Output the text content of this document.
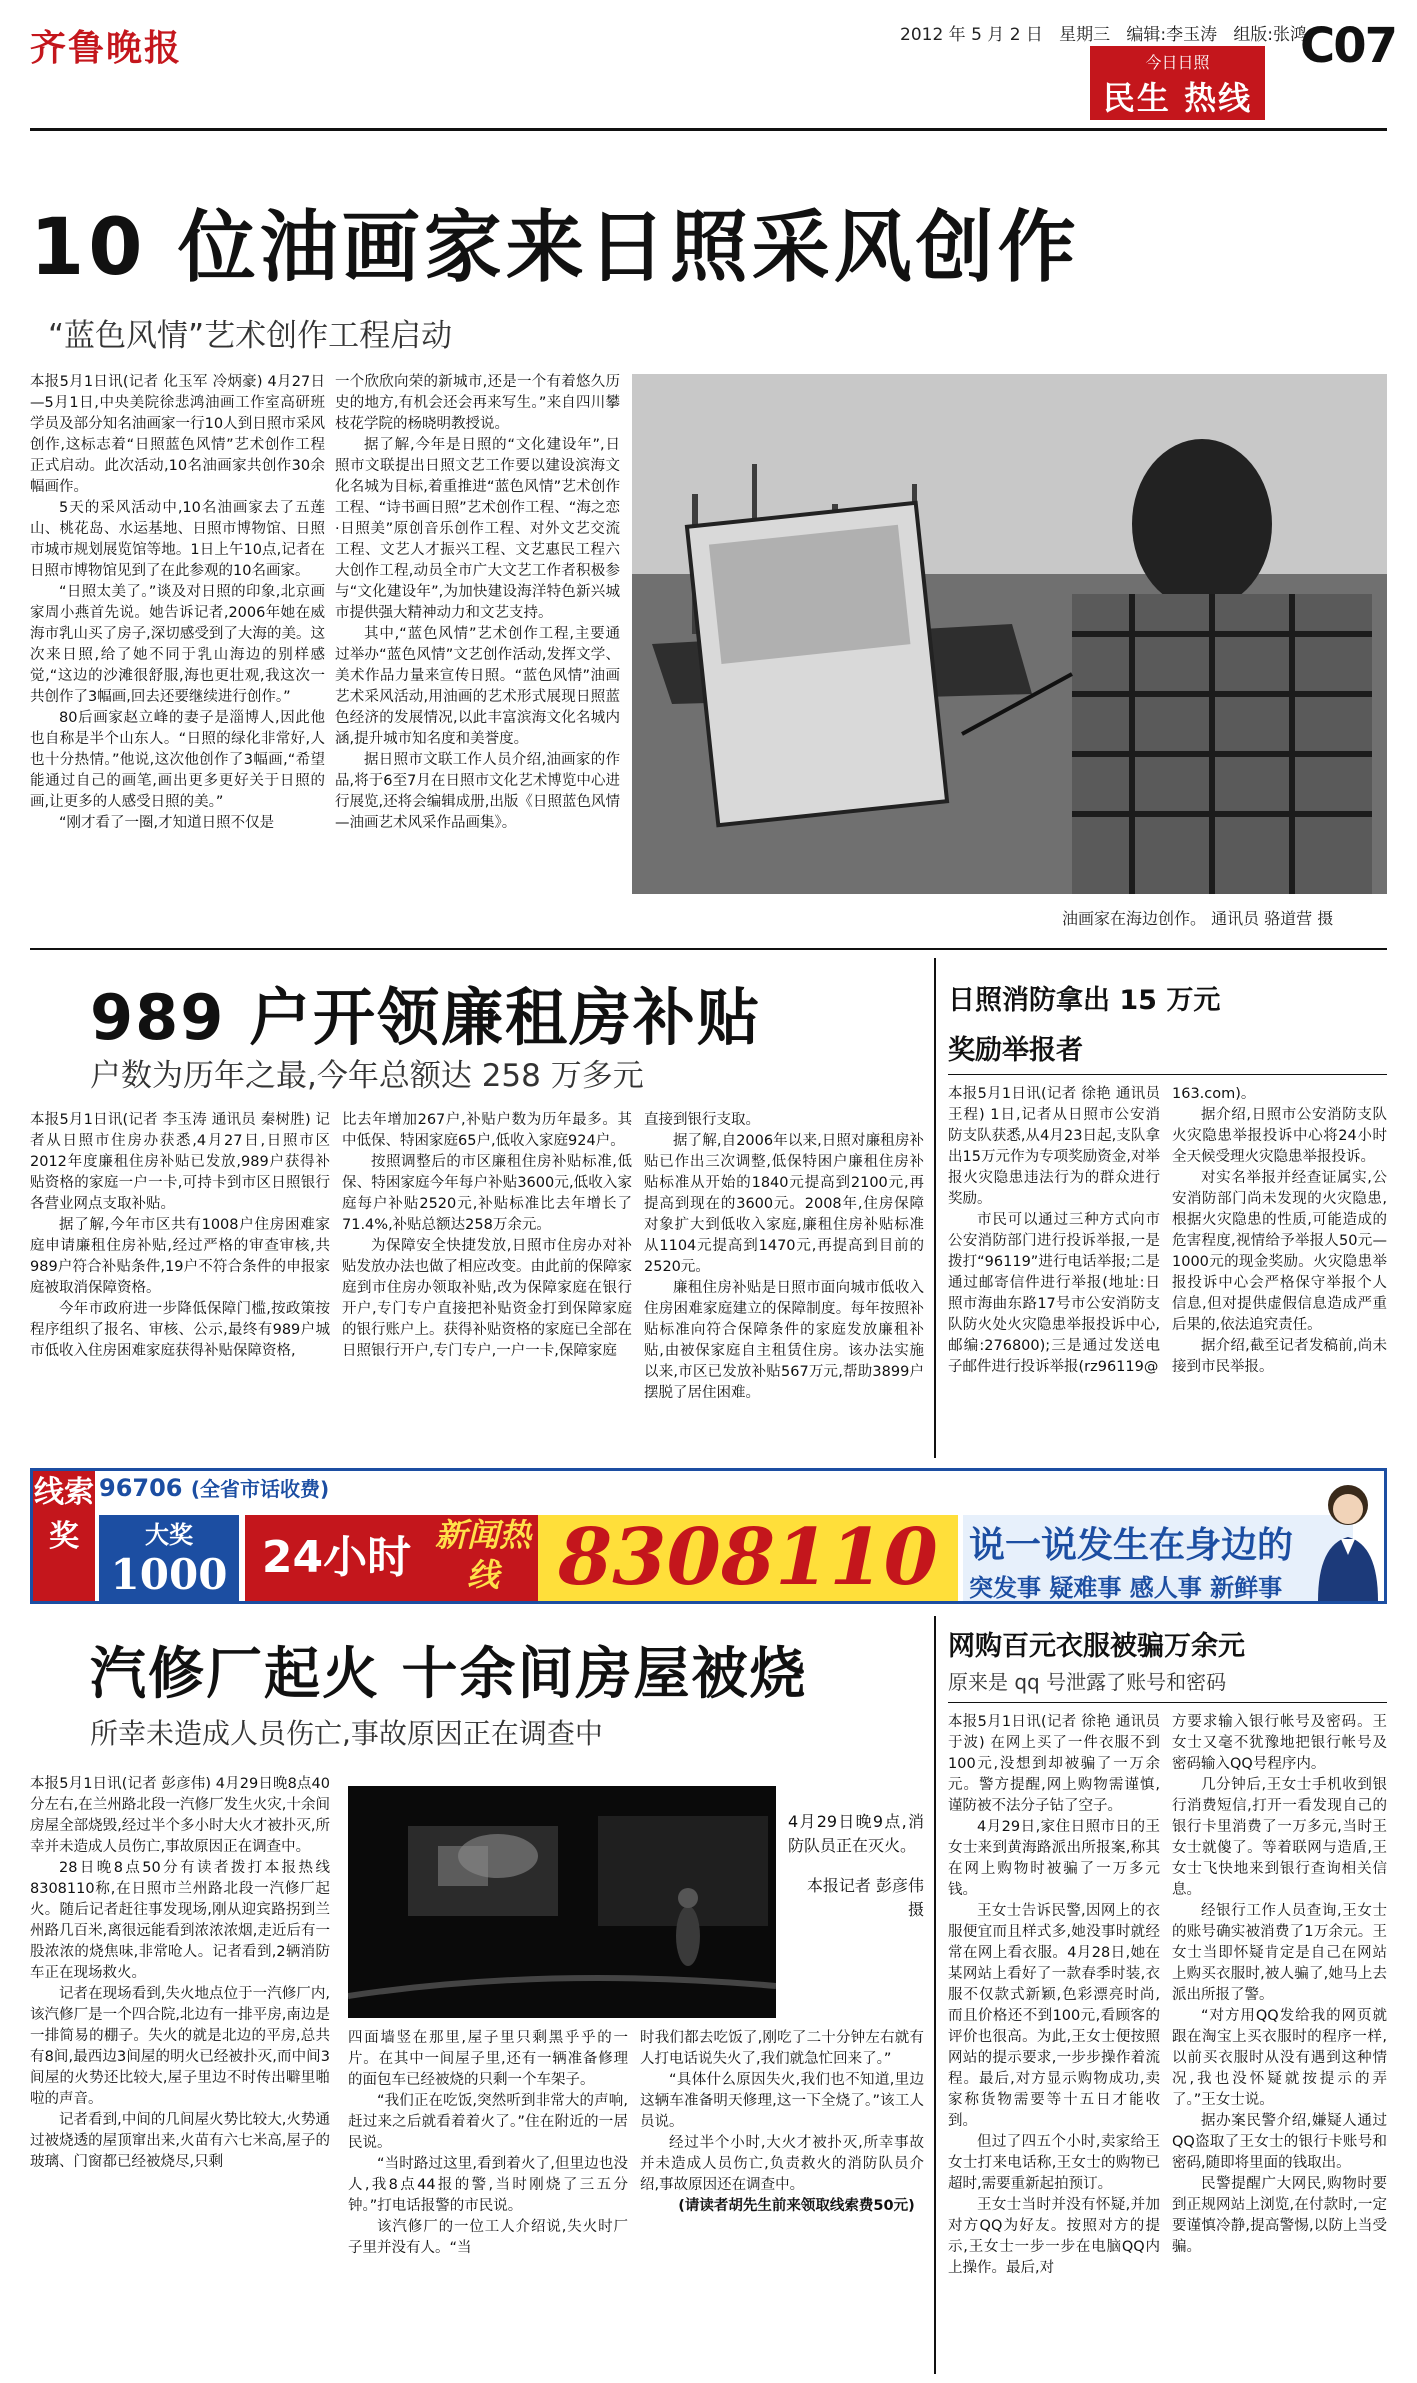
齐鲁晚报	2012 年 5 月 2 日 星期三 编辑:李玉涛 组版:张鸿
今日日照
民生 热线
C07
10 位油画家来日照采风创作
“蓝色风情”艺术创作工程启动

本报5月1日讯(记者 化玉军 冷炳豪) 4月27日—5月1日,中央美院徐悲鸿油画工作室高研班学员及部分知名油画家一行10人到日照市采风创作,这标志着“日照蓝色风情”艺术创作工程正式启动。此次活动,10名油画家共创作30余幅画作。

5天的采风活动中,10名油画家去了五莲山、桃花岛、水运基地、日照市博物馆、日照市城市规划展览馆等地。1日上午10点,记者在日照市博物馆见到了在此参观的10名画家。

“日照太美了。”谈及对日照的印象,北京画家周小燕首先说。她告诉记者,2006年她在威海市乳山买了房子,深切感受到了大海的美。这次来日照,给了她不同于乳山海边的别样感觉,“这边的沙滩很舒服,海也更壮观,我这次一共创作了3幅画,回去还要继续进行创作。”

80后画家赵立峰的妻子是淄博人,因此他也自称是半个山东人。“日照的绿化非常好,人也十分热情。”他说,这次他创作了3幅画,“希望能通过自己的画笔,画出更多更好关于日照的画,让更多的人感受日照的美。”

“刚才看了一圈,才知道日照不仅是

一个欣欣向荣的新城市,还是一个有着悠久历史的地方,有机会还会再来写生。”来自四川攀枝花学院的杨晓明教授说。

据了解,今年是日照的“文化建设年”,日照市文联提出日照文艺工作要以建设滨海文化名城为目标,着重推进“蓝色风情”艺术创作工程、“诗书画日照”艺术创作工程、“海之恋·日照美”原创音乐创作工程、对外文艺交流工程、文艺人才振兴工程、文艺惠民工程六大创作工程,动员全市广大文艺工作者积极参与“文化建设年”,为加快建设海洋特色新兴城市提供强大精神动力和文艺支持。

其中,“蓝色风情”艺术创作工程,主要通过举办“蓝色风情”文艺创作活动,发挥文学、美术作品力量来宣传日照。“蓝色风情”油画艺术采风活动,用油画的艺术形式展现日照蓝色经济的发展情况,以此丰富滨海文化名城内涵,提升城市知名度和美誉度。

据日照市文联工作人员介绍,油画家的作品,将于6至7月在日照市文化艺术博览中心进行展览,还将会编辑成册,出版《日照蓝色风情—油画艺术风采作品画集》。

油画家在海边创作。 通讯员 骆道营 摄
989 户开领廉租房补贴
户数为历年之最,今年总额达 258 万多元

本报5月1日讯(记者 李玉涛 通讯员 秦树胜) 记者从日照市住房办获悉,4月27日,日照市区2012年度廉租住房补贴已发放,989户获得补贴资格的家庭一户一卡,可持卡到市区日照银行各营业网点支取补贴。

据了解,今年市区共有1008户住房困难家庭申请廉租住房补贴,经过严格的审查审核,共989户符合补贴条件,19户不符合条件的申报家庭被取消保障资格。

今年市政府进一步降低保障门槛,按政策按程序组织了报名、审核、公示,最终有989户城市低收入住房困难家庭获得补贴保障资格,

比去年增加267户,补贴户数为历年最多。其中低保、特困家庭65户,低收入家庭924户。

按照调整后的市区廉租住房补贴标准,低保、特困家庭今年每户补贴3600元,低收入家庭每户补贴2520元,补贴标准比去年增长了71.4%,补贴总额达258万余元。

为保障安全快捷发放,日照市住房办对补贴发放办法也做了相应改变。由此前的保障家庭到市住房办领取补贴,改为保障家庭在银行开户,专门专户直接把补贴资金打到保障家庭的银行账户上。获得补贴资格的家庭已全部在日照银行开户,专门专户,一户一卡,保障家庭

直接到银行支取。

据了解,自2006年以来,日照对廉租房补贴已作出三次调整,低保特困户廉租住房补贴标准从开始的1840元提高到2100元,再提高到现在的3600元。2008年,住房保障对象扩大到低收入家庭,廉租住房补贴标准从1104元提高到1470元,再提高到目前的2520元。

廉租住房补贴是日照市面向城市低收入住房困难家庭建立的保障制度。每年按照补贴标准向符合保障条件的家庭发放廉租补贴,由被保家庭自主租赁住房。该办法实施以来,市区已发放补贴567万元,帮助3899户摆脱了居住困难。

日照消防拿出 15 万元
奖励举报者

本报5月1日讯(记者 徐艳 通讯员 王程) 1日,记者从日照市公安消防支队获悉,从4月23日起,支队拿出15万元作为专项奖励资金,对举报火灾隐患违法行为的群众进行奖励。

市民可以通过三种方式向市公安消防部门进行投诉举报,一是拨打“96119”进行电话举报;二是通过邮寄信件进行举报(地址:日照市海曲东路17号市公安消防支队防火处火灾隐患举报投诉中心,邮编:276800);三是通过发送电子邮件进行投诉举报(rz96119@

163.com)。

据介绍,日照市公安消防支队火灾隐患举报投诉中心将24小时全天候受理火灾隐患举报投诉。

对实名举报并经查证属实,公安消防部门尚未发现的火灾隐患,根据火灾隐患的性质,可能造成的危害程度,视情给予举报人50元—1000元的现金奖励。火灾隐患举报投诉中心会严格保守举报个人信息,但对提供虚假信息造成严重后果的,依法追究责任。

据介绍,截至记者发稿前,尚未接到市民举报。

线索奖
96706 (全省市话收费)
大奖
1000元
24小时 新闻热线 8308110 说一说发生在身边的
突发事 疑难事 感人事 新鲜事
汽修厂起火 十余间房屋被烧
所幸未造成人员伤亡,事故原因正在调查中

本报5月1日讯(记者 彭彦伟) 4月29日晚8点40分左右,在兰州路北段一汽修厂发生火灾,十余间房屋全部烧毁,经过半个多小时大火才被扑灭,所幸并未造成人员伤亡,事故原因正在调查中。

28日晚8点50分有读者拨打本报热线8308110称,在日照市兰州路北段一汽修厂起火。随后记者赶往事发现场,刚从迎宾路拐到兰州路几百米,离很远能看到浓浓浓烟,走近后有一股浓浓的烧焦味,非常呛人。记者看到,2辆消防车正在现场救火。

记者在现场看到,失火地点位于一汽修厂内,该汽修厂是一个四合院,北边有一排平房,南边是一排简易的棚子。失火的就是北边的平房,总共有8间,最西边3间屋的明火已经被扑灭,而中间3间屋的火势还比较大,屋子里边不时传出噼里啪啦的声音。

记者看到,中间的几间屋火势比较大,火势通过被烧透的屋顶窜出来,火苗有六七米高,屋子的玻璃、门窗都已经被烧尽,只剩

4月29日晚9点,消防队员正在灭火。

本报记者 彭彦伟 摄

四面墙竖在那里,屋子里只剩黑乎乎的一片。在其中一间屋子里,还有一辆准备修理的面包车已经被烧的只剩一个车架子。

“我们正在吃饭,突然听到非常大的声响,赶过来之后就看着着火了。”住在附近的一居民说。

“当时路过这里,看到着火了,但里边也没人,我8点44报的警,当时刚烧了三五分钟。”打电话报警的市民说。

该汽修厂的一位工人介绍说,失火时厂子里并没有人。“当

时我们都去吃饭了,刚吃了二十分钟左右就有人打电话说失火了,我们就急忙回来了。”

“具体什么原因失火,我们也不知道,里边这辆车准备明天修理,这一下全烧了。”该工人员说。

经过半个小时,大火才被扑灭,所幸事故并未造成人员伤亡,负责救火的消防队员介绍,事故原因还在调查中。

(请读者胡先生前来领取线索费50元)

网购百元衣服被骗万余元
原来是 qq 号泄露了账号和密码

本报5月1日讯(记者 徐艳 通讯员 于波) 在网上买了一件衣服不到100元,没想到却被骗了一万余元。警方提醒,网上购物需谨慎,谨防被不法分子钻了空子。

4月29日,家住日照市日的王女士来到黄海路派出所报案,称其在网上购物时被骗了一万多元钱。

王女士告诉民警,因网上的衣服便宜而且样式多,她没事时就经常在网上看衣服。4月28日,她在某网站上看好了一款春季时装,衣服不仅款式新颖,色彩漂亮时尚,而且价格还不到100元,看顾客的评价也很高。为此,王女士便按照网站的提示要求,一步步操作着流程。最后,对方显示购物成功,卖家称货物需要等十五日才能收到。

但过了四五个小时,卖家给王女士打来电话称,王女士的购物已超时,需要重新起拍预订。

王女士当时并没有怀疑,并加对方QQ为好友。按照对方的提示,王女士一步一步在电脑QQ内上操作。最后,对

方要求输入银行帐号及密码。王女士又毫不犹豫地把银行帐号及密码输入QQ号程序内。

几分钟后,王女士手机收到银行消费短信,打开一看发现自己的银行卡里消费了一万多元,当时王女士就傻了。等着联网与造盾,王女士飞快地来到银行查询相关信息。

经银行工作人员查询,王女士的账号确实被消费了1万余元。王女士当即怀疑肯定是自己在网站上购买衣服时,被人骗了,她马上去派出所报了警。

“对方用QQ发给我的网页就跟在淘宝上买衣服时的程序一样,以前买衣服时从没有遇到这种情况,我也没怀疑就按提示的弄了。”王女士说。

据办案民警介绍,嫌疑人通过QQ盗取了王女士的银行卡账号和密码,随即将里面的钱取出。

民警提醒广大网民,购物时要到正规网站上浏览,在付款时,一定要谨慎冷静,提高警惕,以防上当受骗。
